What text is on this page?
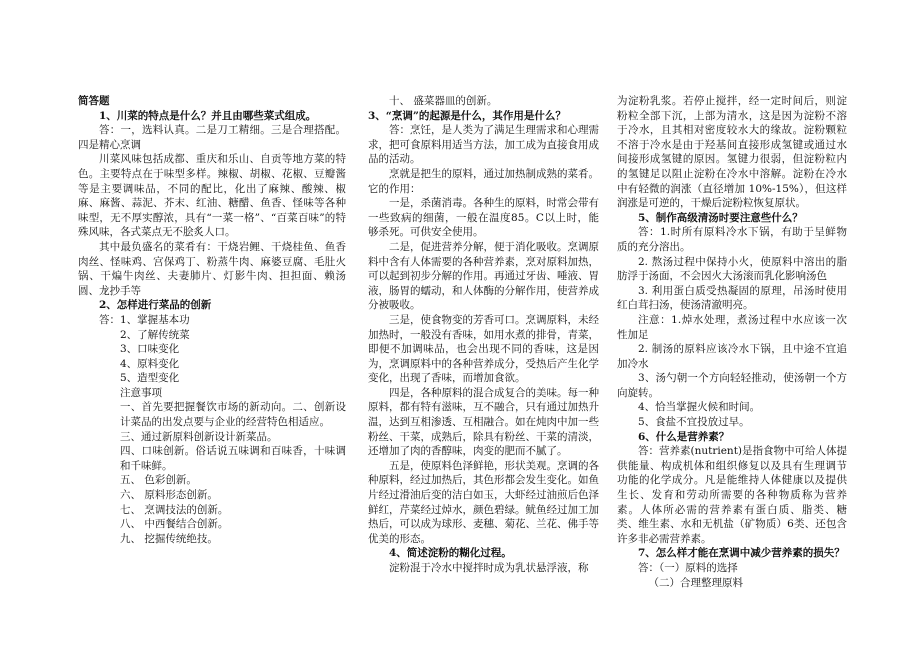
简答题

1、川菜的特点是什么？并且由哪些菜式组成。

答：一，选料认真。二是刀工精细。三是合理搭配。四是精心烹调

川菜风味包括成都、重庆和乐山、自贡等地方菜的特色。主要特点在于味型多样。辣椒、胡椒、花椒、豆瓣酱等是主要调味品，不同的配比，化出了麻辣、酸辣、椒麻、麻酱、蒜泥、芥末、红油、糖醋、鱼香、怪味等各种味型，无不厚实醇浓，具有“一菜一格”、“百菜百味”的特殊风味，各式菜点无不脍炙人口。

其中最负盛名的菜肴有：干烧岩鲤、干烧桂鱼、鱼香肉丝、怪味鸡、宫保鸡丁、粉蒸牛肉、麻婆豆腐、毛肚火锅、干煸牛肉丝、夫妻肺片、灯影牛肉、担担面、赖汤圆、龙抄手等

2、怎样进行菜品的创新

答：1、掌握基本功

2、了解传统菜

3、口味变化

4、原料变化

5、造型变化

注意事项

一、首先要把握餐饮市场的新动向。二、创新设计菜品的出发点要与企业的经营特色相适应。

三、通过新原料创新设计新菜品。

四、口味创新。俗话说五味调和百味香，十味调和千味鲜。

五、 色彩创新。

六、 原料形态创新。

七、 烹调技法的创新。

八、 中西餐结合创新。

九、 挖掘传统绝技。

十、 盛菜器皿的创新。

3、“烹调”的起源是什么，其作用是什么？

答：烹饪，是人类为了满足生理需求和心理需求，把可食原料用适当方法，加工成为直接食用成品的活动。

烹就是把生的原料，通过加热制成熟的菜肴。它的作用：

一是，杀菌消毒。各种生的原料，时常会带有一些致病的细菌，一般在温度85。C以上时，能够杀死。可供安全使用。

二是，促进营养分解，便于消化吸收。烹调原料中含有人体需要的各种营养素，烹对原料加热，可以起到初步分解的作用。再通过牙齿、唾液、胃液，肠胃的蠕动，和人体酶的分解作用，使营养成分被吸收。

三是，使食物变的芳香可口。烹调原料，未经加热时，一般没有香味，如用水煮的排骨，青菜，即便不加调味品，也会出现不同的香味，这是因为，烹调原料中的各种营养成分，受热后产生化学变化，出现了香味，而增加食欲。

四是，各种原料的混合成复合的美味。每一种原料，都有特有滋味，互不融合，只有通过加热升温，达到互相渗透、互相融合。如在炖肉中加一些粉丝、干菜，成熟后，除具有粉丝、干菜的清淡，还增加了肉的香醇味，肉变的肥而不腻了。

五是，使原料色泽鲜艳，形状美观。烹调的各种原料，经过加热后，其色形都会发生变化。如鱼片经过滑油后变的洁白如玉，大虾经过油煎后色泽鲜红，芹菜经过焯水，颜色碧绿。鱿鱼经过加工加热后，可以成为球形、麦穗、菊花、兰花、佛手等优美的形态。

4、简述淀粉的糊化过程。

淀粉混于冷水中搅拌时成为乳状悬浮液，称

为淀粉乳浆。若停止搅拌，经一定时间后，则淀粉粒全部下沉，上部为清水，这是因为淀粉不溶于冷水，且其相对密度较水大的缘故。淀粉颗粒不溶于冷水是由于羟基间直接形成氢键或通过水间接形成氢键的原因。氢键力很弱，但淀粉粒内的氢键足以阻止淀粉在冷水中溶解。淀粉在冷水中有轻微的润涨（直径增加 10%-15%），但这样润涨是可逆的，干燥后淀粉粒恢复原状。

5、制作高级清汤时要注意些什么？

答：1.时所有原料冷水下锅，有助于呈鲜物质的充分溶出。

2. 熬汤过程中保持小火，使原料中溶出的脂肪浮于汤面，不会因火大汤滚而乳化影响汤色

3. 利用蛋白质受热凝固的原理，吊汤时使用红白茸扫汤，使汤清澈明亮。

注意：1.焯水处理，煮汤过程中水应该一次性加足

2. 制汤的原料应该冷水下锅，且中途不宜追加冷水

3、汤勺朝一个方向轻轻推动，使汤朝一个方向旋转。

4、恰当掌握火候和时间。

5、食盐不宜投放过早。

6、什么是营养素？

答：营养素(nutrient)是指食物中可给人体提供能量、构成机体和组织修复以及具有生理调节功能的化学成分。凡是能维持人体健康以及提供生长、发育和劳动所需要的各种物质称为营养素。人体所必需的营养素有蛋白质、脂类、糖类、维生素、水和无机盐（矿物质）6类、还包含许多非必需营养素。

7、怎么样才能在烹调中减少营养素的损失？

答：（一）原料的选择

（二）合理整理原料
